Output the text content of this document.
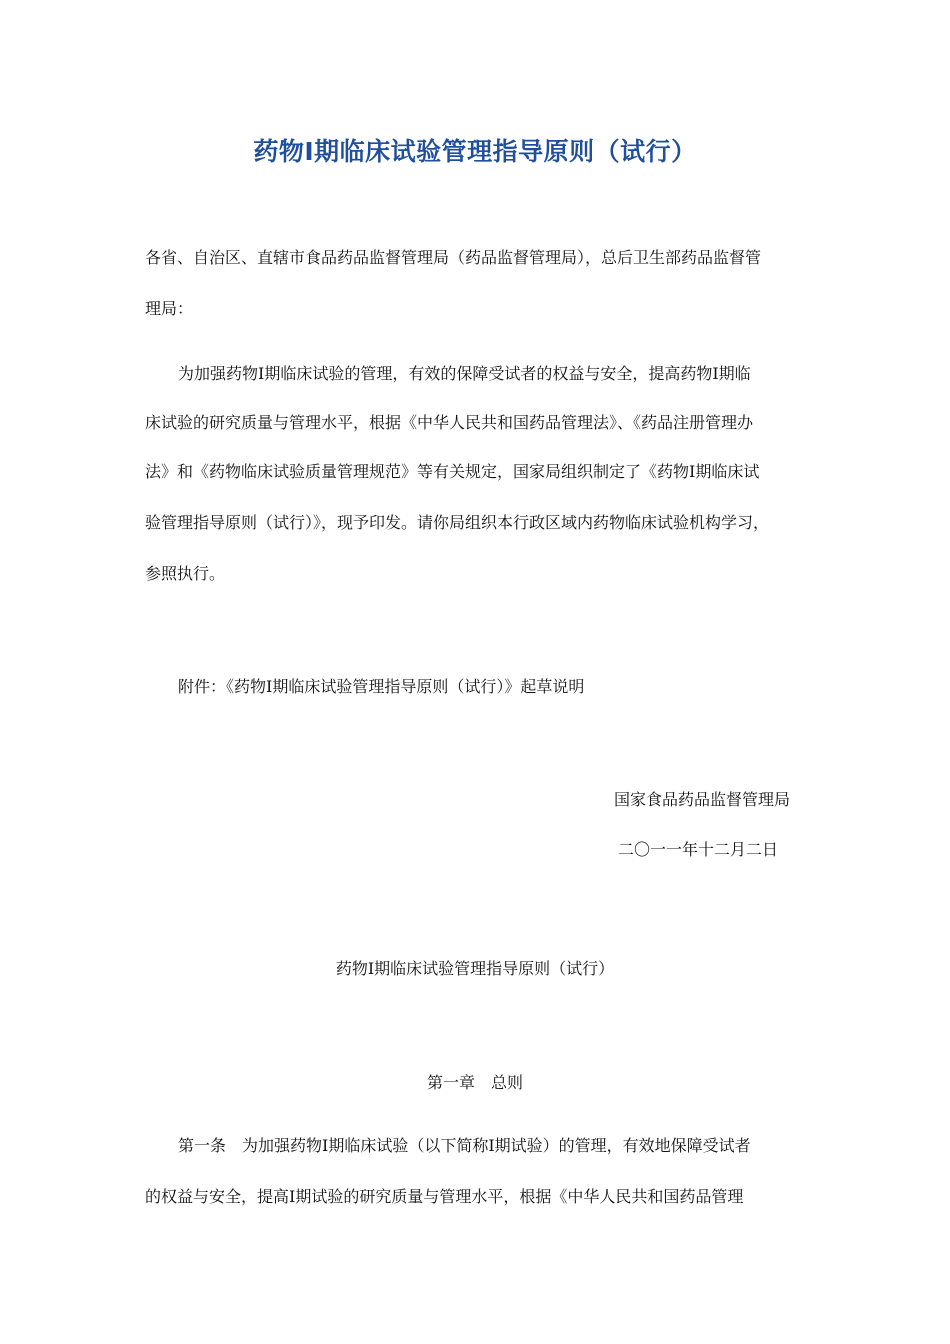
药物Ⅰ期临床试验管理指导原则（试行）
各省、自治区、直辖市食品药品监督管理局（药品监督管理局），总后卫生部药品监督管
理局：
为加强药物Ⅰ期临床试验的管理，有效的保障受试者的权益与安全，提高药物Ⅰ期临
床试验的研究质量与管理水平，根据《中华人民共和国药品管理法》、《药品注册管理办
法》和《药物临床试验质量管理规范》等有关规定，国家局组织制定了《药物Ⅰ期临床试
验管理指导原则（试行）》，现予印发。请你局组织本行政区域内药物临床试验机构学习，
参照执行。
附件：《药物Ⅰ期临床试验管理指导原则（试行）》起草说明
国家食品药品监督管理局
二〇一一年十二月二日
药物Ⅰ期临床试验管理指导原则（试行）
第一章　总则
第一条　为加强药物Ⅰ期临床试验（以下简称Ⅰ期试验）的管理，有效地保障受试者
的权益与安全，提高Ⅰ期试验的研究质量与管理水平，根据《中华人民共和国药品管理
